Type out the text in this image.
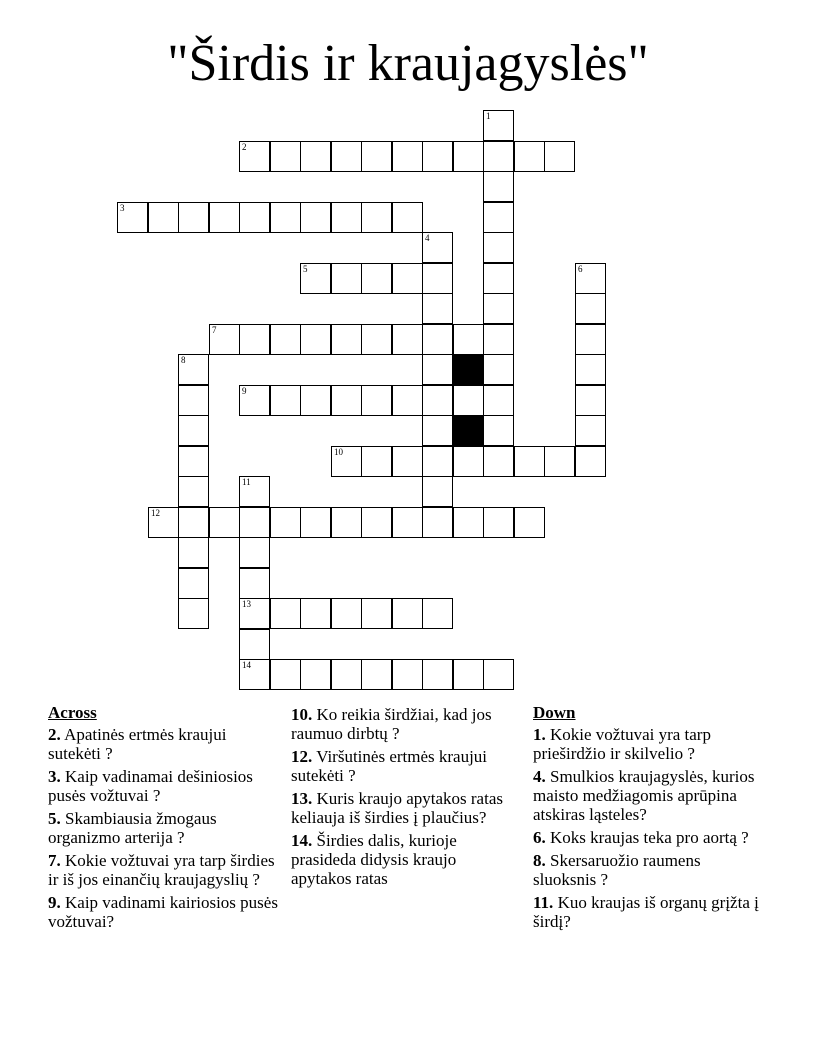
"Širdis ir kraujagyslės"
1
2
3
4
5	6
7
8
9
10
11
13
14
12
Across
2. Apatinės ertmės kraujui sutekėti ?
3. Kaip vadinamai dešiniosios pusės vožtuvai ?
5. Skambiausia žmogaus organizmo arterija ?
7. Kokie vožtuvai yra tarp širdies ir iš jos einančių kraujagyslių ?
9. Kaip vadinami kairiosios pusės vožtuvai?
10. Ko reikia širdžiai, kad jos raumuo dirbtų ?
12. Viršutinės ertmės kraujui sutekėti ?
13. Kuris kraujo apytakos ratas keliauja iš širdies į plaučius?
14. Širdies dalis, kurioje prasideda didysis kraujo apytakos ratas
Down
1. Kokie vožtuvai yra tarp prieširdžio ir skilvelio ?
4. Smulkios kraujagyslės, kurios maisto medžiagomis aprūpina atskiras ląsteles?
6. Koks kraujas teka pro aortą ?
8. Skersaruožio raumens sluoksnis ?
11. Kuo kraujas iš organų grįžta į širdį?
